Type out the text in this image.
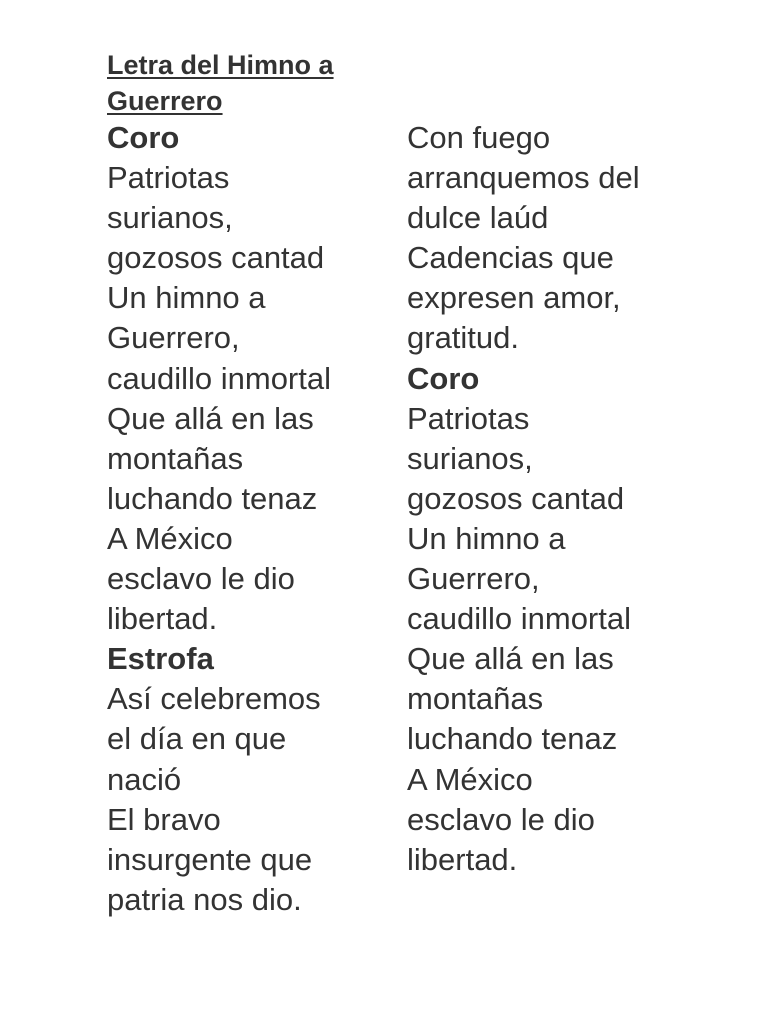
Letra del Himno a
Guerrero
Coro
Patriotas
surianos,
gozosos cantad
Un himno a
Guerrero,
caudillo inmortal
Que allá en las
montañas
luchando tenaz
A México
esclavo le dio
libertad.
Estrofa
Así celebremos
el día en que
nació
El bravo
insurgente que
patria nos dio.
Con fuego
arranquemos del
dulce laúd
Cadencias que
expresen amor,
gratitud.
Coro
Patriotas
surianos,
gozosos cantad
Un himno a
Guerrero,
caudillo inmortal
Que allá en las
montañas
luchando tenaz
A México
esclavo le dio
libertad.
